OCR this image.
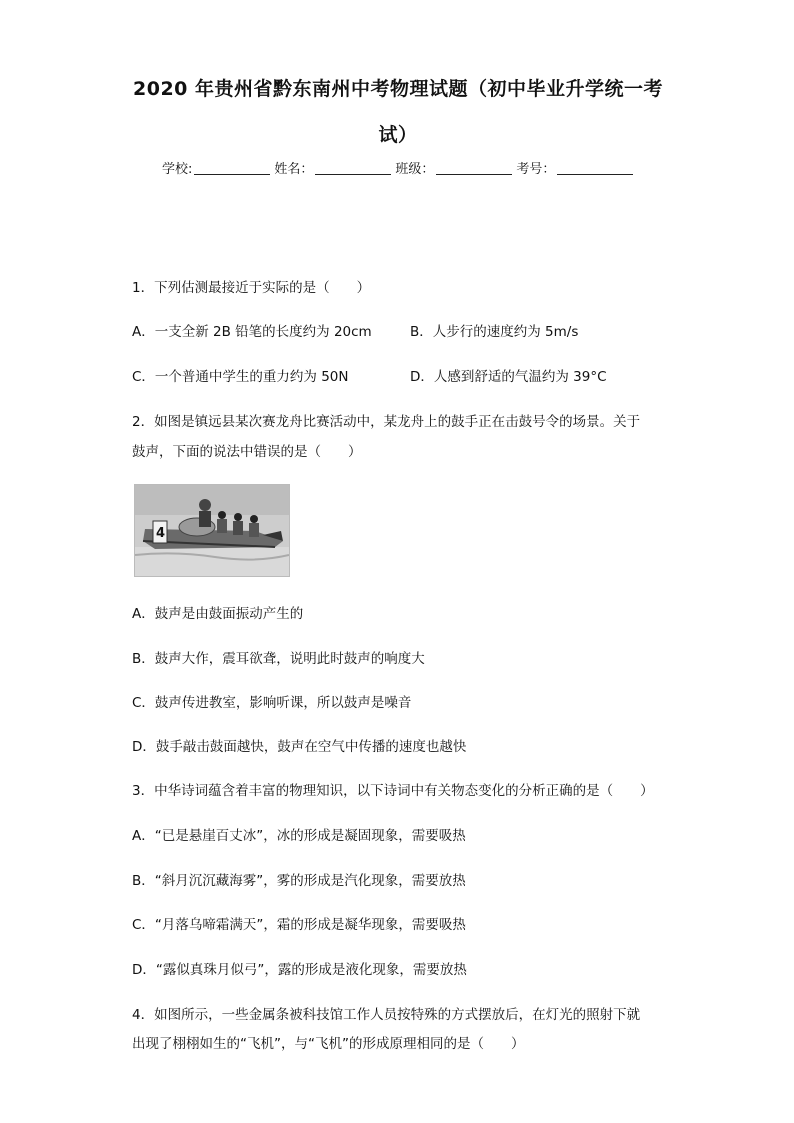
2020 年贵州省黔东南州中考物理试题（初中毕业升学统一考
试）
学校:	姓名：	班级：	考号：
1．下列估测最接近于实际的是（　　）
A．一支全新 2B 铅笔的长度约为 20cm	B．人步行的速度约为 5m/s
C．一个普通中学生的重力约为 50N	D．人感到舒适的气温约为 39°C
2．如图是镇远县某次赛龙舟比赛活动中，某龙舟上的鼓手正在击鼓号令的场景。关于
鼓声，下面的说法中错误的是（　　）
4
A．鼓声是由鼓面振动产生的
B．鼓声大作，震耳欲聋，说明此时鼓声的响度大
C．鼓声传进教室，影响听课，所以鼓声是噪音
D．鼓手敲击鼓面越快，鼓声在空气中传播的速度也越快
3．中华诗词蕴含着丰富的物理知识，以下诗词中有关物态变化的分析正确的是（　　）
A．“已是悬崖百丈冰”，冰的形成是凝固现象，需要吸热
B．“斜月沉沉藏海雾”，雾的形成是汽化现象，需要放热
C．“月落乌啼霜满天”，霜的形成是凝华现象，需要吸热
D．“露似真珠月似弓”，露的形成是液化现象，需要放热
4．如图所示，一些金属条被科技馆工作人员按特殊的方式摆放后，在灯光的照射下就
出现了栩栩如生的“飞机”，与“飞机”的形成原理相同的是（　　）
